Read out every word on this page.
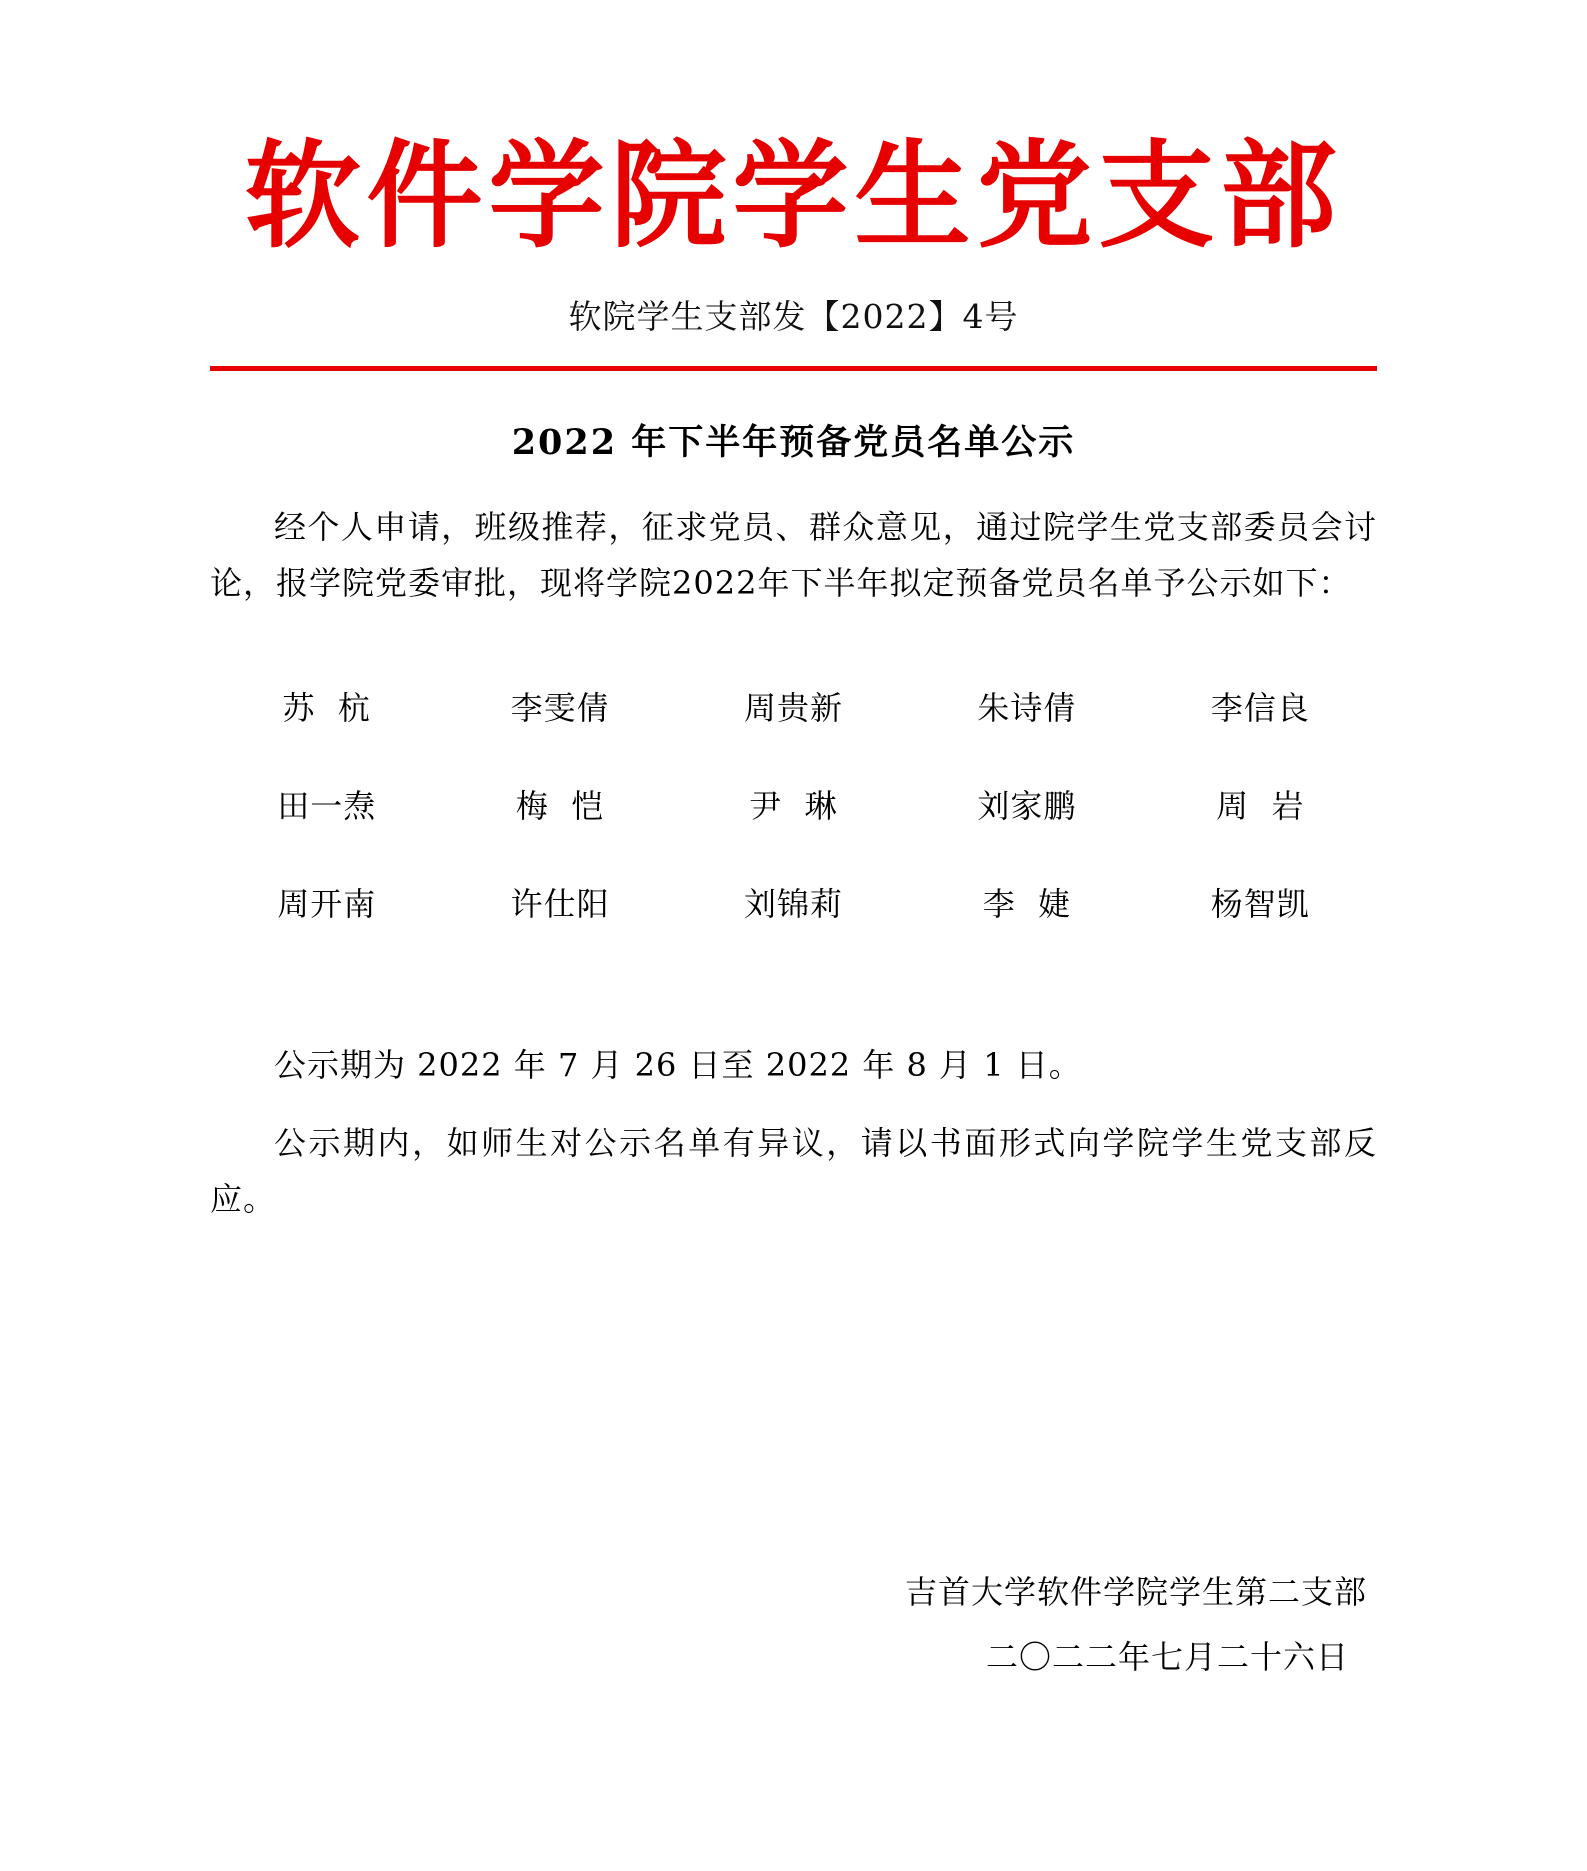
软件学院学生党支部
软院学生支部发【2022】4号
2022 年下半年预备党员名单公示
经个人申请，班级推荐，征求党员、群众意见，通过院学生党支部委员会讨论，报学院党委审批，现将学院2022年下半年拟定预备党员名单予公示如下：
苏  杭	李雯倩	周贵新	朱诗倩	李信良
田一焘	梅  恺	尹  琳	刘家鹏	周  岩
周开南	许仕阳	刘锦莉	李  婕	杨智凯
公示期为 2022 年 7 月 26 日至 2022 年 8 月 1 日。
公示期内，如师生对公示名单有异议，请以书面形式向学院学生党支部反应。
吉首大学软件学院学生第二支部
二〇二二年七月二十六日
